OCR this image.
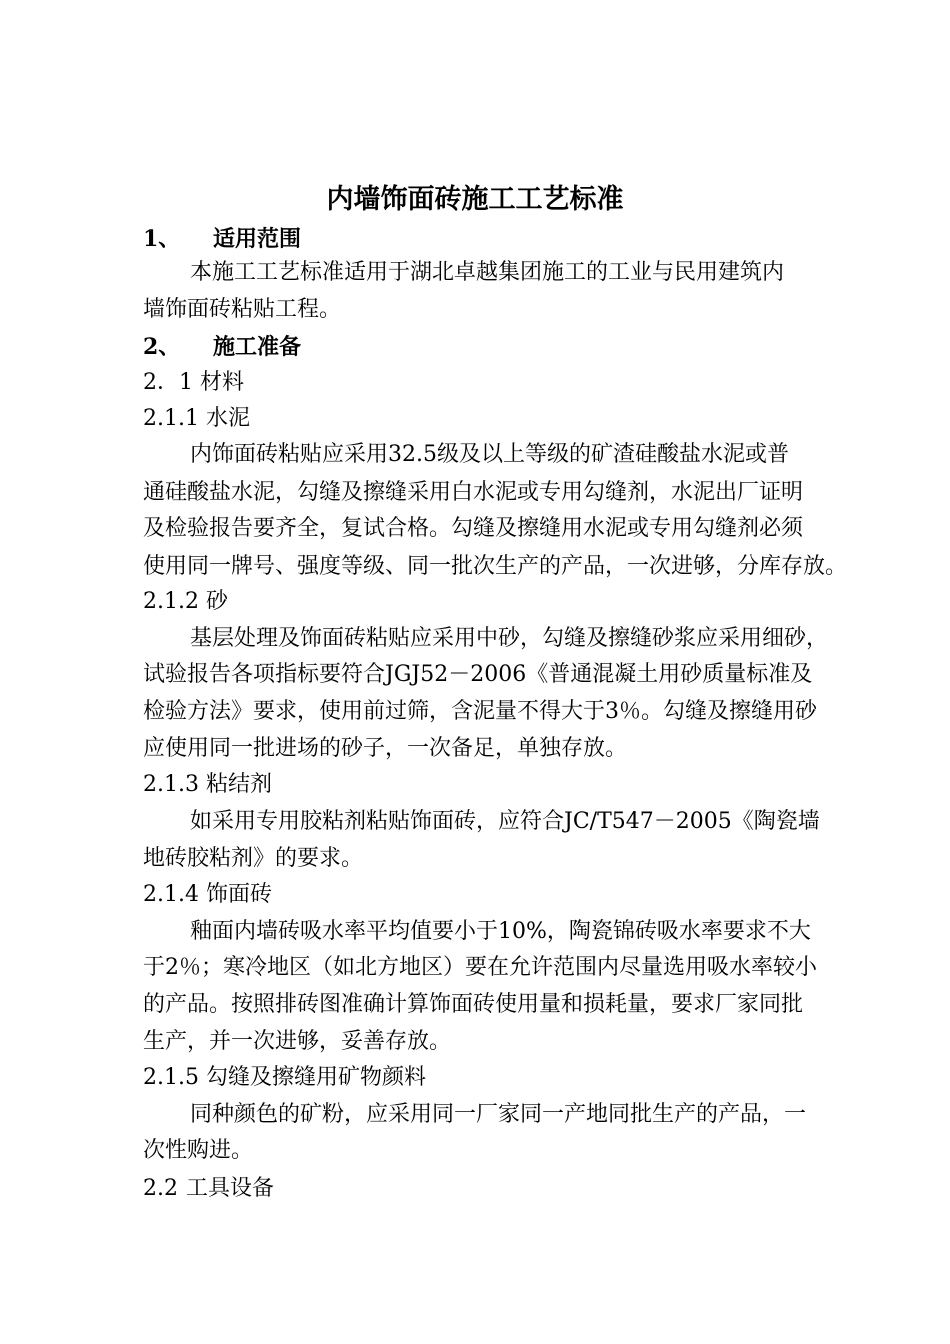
内墙饰面砖施工工艺标准
1、 适用范围
本施工工艺标准适用于湖北卓越集团施工的工业与民用建筑内
墙饰面砖粘贴工程。
2、 施工准备
2．1 材料
2.1.1 水泥
内饰面砖粘贴应采用32.5级及以上等级的矿渣硅酸盐水泥或普
通硅酸盐水泥，勾缝及擦缝采用白水泥或专用勾缝剂，水泥出厂证明
及检验报告要齐全，复试合格。勾缝及擦缝用水泥或专用勾缝剂必须
使用同一牌号、强度等级、同一批次生产的产品，一次进够，分库存放。
2.1.2 砂
基层处理及饰面砖粘贴应采用中砂，勾缝及擦缝砂浆应采用细砂，
试验报告各项指标要符合JGJ52－2006《普通混凝土用砂质量标准及
检验方法》要求，使用前过筛，含泥量不得大于3％。勾缝及擦缝用砂
应使用同一批进场的砂子，一次备足，单独存放。
2.1.3 粘结剂
如采用专用胶粘剂粘贴饰面砖，应符合JC/T547－2005《陶瓷墙
地砖胶粘剂》的要求。
2.1.4 饰面砖
釉面内墙砖吸水率平均值要小于10%，陶瓷锦砖吸水率要求不大
于2％；寒冷地区（如北方地区）要在允许范围内尽量选用吸水率较小
的产品。按照排砖图准确计算饰面砖使用量和损耗量，要求厂家同批
生产，并一次进够，妥善存放。
2.1.5 勾缝及擦缝用矿物颜料
同种颜色的矿粉，应采用同一厂家同一产地同批生产的产品，一
次性购进。
2.2 工具设备
